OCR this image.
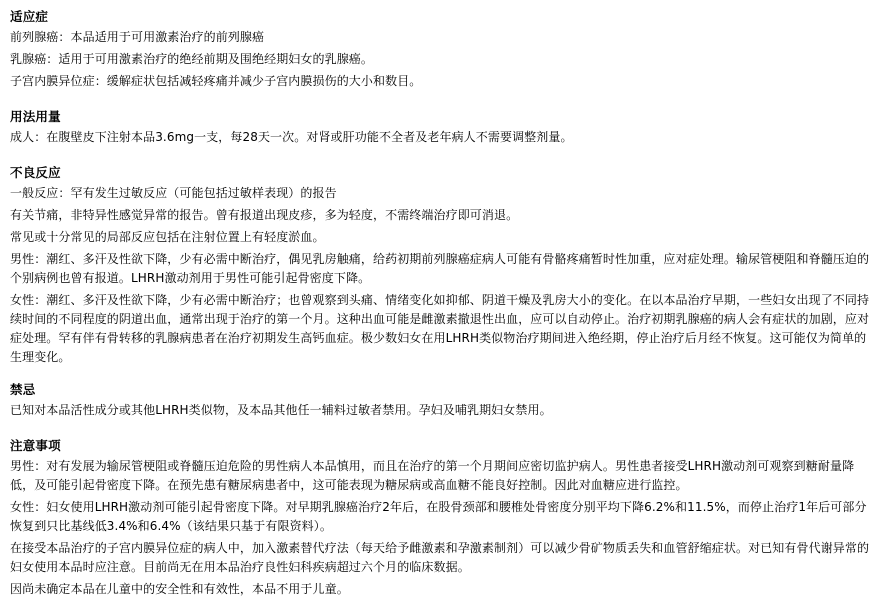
适应症

前列腺癌：本品适用于可用激素治疗的前列腺癌

乳腺癌：适用于可用激素治疗的绝经前期及围绝经期妇女的乳腺癌。

子宫内膜异位症：缓解症状包括减轻疼痛并减少子宫内膜损伤的大小和数目。

用法用量

成人：在腹壁皮下注射本品3.6mg一支，每28天一次。对肾或肝功能不全者及老年病人不需要调整剂量。

不良反应

一般反应：罕有发生过敏反应（可能包括过敏样表现）的报告

有关节痛，非特异性感觉异常的报告。曾有报道出现皮疹，多为轻度，不需终端治疗即可消退。

常见或十分常见的局部反应包括在注射位置上有轻度淤血。

男性：潮红、多汗及性欲下降，少有必需中断治疗，偶见乳房触痛，给药初期前列腺癌症病人可能有骨骼疼痛暂时性加重，应对症处理。输尿管梗阻和脊髓压迫的个别病例也曾有报道。LHRH激动剂用于男性可能引起骨密度下降。

女性：潮红、多汗及性欲下降，少有必需中断治疗；也曾观察到头痛、情绪变化如抑郁、阴道干燥及乳房大小的变化。在以本品治疗早期，一些妇女出现了不同持续时间的不同程度的阴道出血，通常出现于治疗的第一个月。这种出血可能是雌激素撤退性出血，应可以自动停止。治疗初期乳腺癌的病人会有症状的加剧，应对症处理。罕有伴有骨转移的乳腺病患者在治疗初期发生高钙血症。极少数妇女在用LHRH类似物治疗期间进入绝经期，停止治疗后月经不恢复。这可能仅为简单的生理变化。

禁忌

已知对本品活性成分或其他LHRH类似物，及本品其他任一辅料过敏者禁用。孕妇及哺乳期妇女禁用。

注意事项

男性：对有发展为输尿管梗阻或脊髓压迫危险的男性病人本品慎用，而且在治疗的第一个月期间应密切监护病人。男性患者接受LHRH激动剂可观察到糖耐量降低，及可能引起骨密度下降。在预先患有糖尿病患者中，这可能表现为糖尿病或高血糖不能良好控制。因此对血糖应进行监控。

女性：妇女使用LHRH激动剂可能引起骨密度下降。对早期乳腺癌治疗2年后，在股骨颈部和腰椎处骨密度分别平均下降6.2%和11.5%，而停止治疗1年后可部分恢复到只比基线低3.4%和6.4%（该结果只基于有限资料）。

在接受本品治疗的子宫内膜异位症的病人中，加入激素替代疗法（每天给予雌激素和孕激素制剂）可以减少骨矿物质丢失和血管舒缩症状。对已知有骨代谢异常的妇女使用本品时应注意。目前尚无在用本品治疗良性妇科疾病超过六个月的临床数据。

因尚未确定本品在儿童中的安全性和有效性，本品不用于儿童。
